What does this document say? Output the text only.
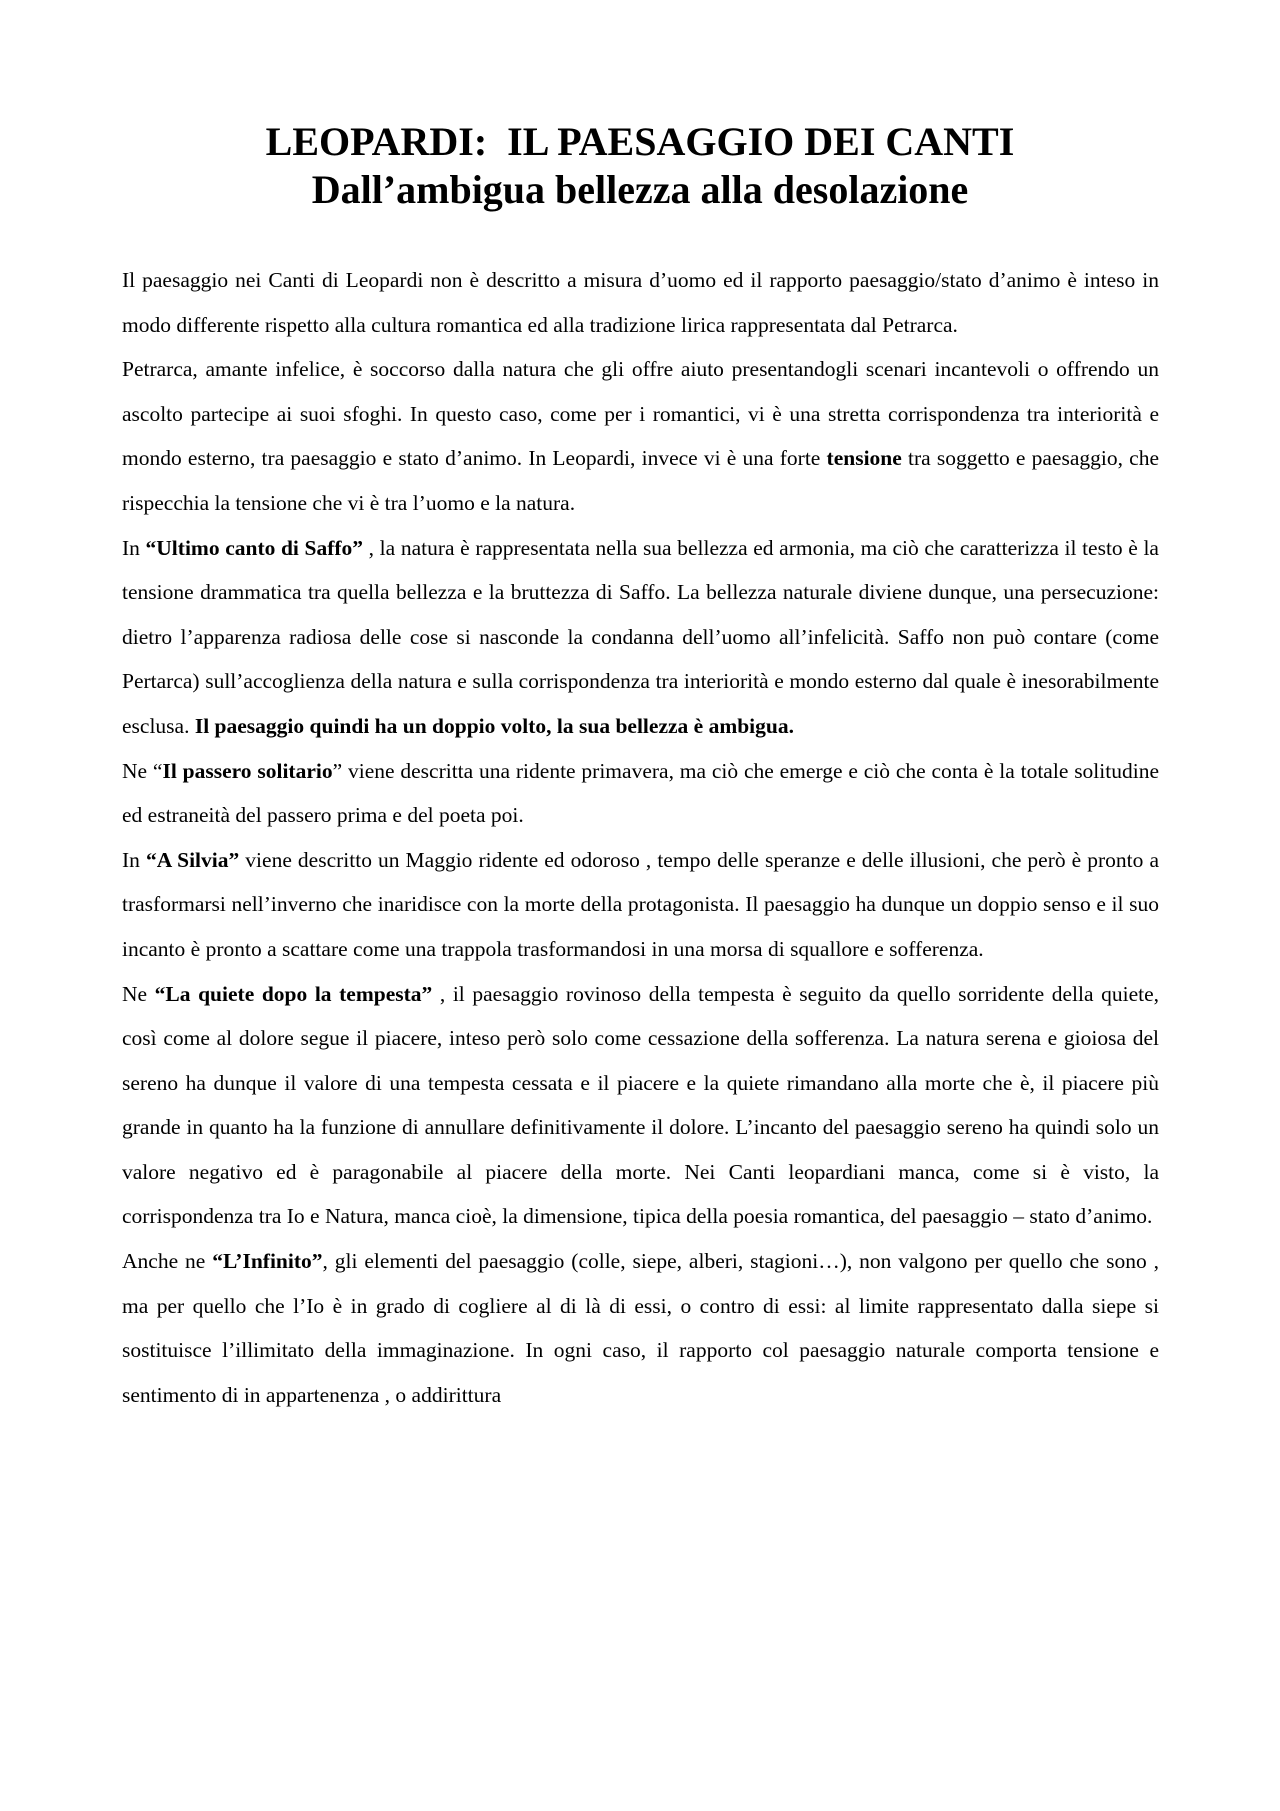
LEOPARDI:  IL PAESAGGIO DEI CANTI
Dall’ambigua bellezza alla desolazione

Il paesaggio nei Canti di Leopardi non è descritto a misura d’uomo ed il rapporto paesaggio/stato d’animo è inteso in modo differente rispetto alla cultura romantica ed alla tradizione lirica rappresentata dal Petrarca.

Petrarca, amante infelice, è soccorso dalla natura che gli offre aiuto presentandogli scenari incantevoli o offrendo un ascolto partecipe ai suoi sfoghi. In questo caso, come per i romantici, vi è una stretta corrispondenza tra interiorità e mondo esterno, tra paesaggio e stato d’animo. In Leopardi, invece vi è una forte tensione tra soggetto e paesaggio, che rispecchia la tensione che vi è tra l’uomo e la natura.

In “Ultimo canto di Saffo” , la natura è rappresentata nella sua bellezza ed armonia, ma ciò che caratterizza il testo è la tensione drammatica tra quella bellezza e la bruttezza di Saffo. La bellezza naturale diviene dunque, una persecuzione: dietro l’apparenza radiosa delle cose si nasconde la condanna dell’uomo all’infelicità. Saffo non può contare (come Pertarca) sull’accoglienza della natura e sulla corrispondenza tra interiorità e mondo esterno dal quale è inesorabilmente esclusa. Il paesaggio quindi ha un doppio volto, la sua bellezza è ambigua.

Ne “Il passero solitario” viene descritta una ridente primavera, ma ciò che emerge e ciò che conta è la totale solitudine ed estraneità del passero prima e del poeta poi.

In “A Silvia” viene descritto un Maggio ridente ed odoroso , tempo delle speranze e delle illusioni, che però è pronto a trasformarsi nell’inverno che inaridisce con la morte della protagonista. Il paesaggio ha dunque un doppio senso e il suo incanto è pronto a scattare come una trappola trasformandosi in una morsa di squallore e sofferenza.

Ne “La quiete dopo la tempesta” , il paesaggio rovinoso della tempesta è seguito da quello sorridente della quiete, così come al dolore segue il piacere, inteso però solo come cessazione della sofferenza. La natura serena e gioiosa del sereno ha dunque il valore di una tempesta cessata e il piacere e la quiete rimandano alla morte che è, il piacere più grande in quanto ha la funzione di annullare definitivamente il dolore. L’incanto del paesaggio sereno ha quindi solo un valore negativo ed è paragonabile al piacere della morte. Nei Canti leopardiani manca, come si è visto, la corrispondenza tra Io e Natura, manca cioè, la dimensione, tipica della poesia romantica, del paesaggio – stato d’animo.

Anche ne “L’Infinito”, gli elementi del paesaggio (colle, siepe, alberi, stagioni…), non valgono per quello che sono , ma per quello che l’Io è in grado di cogliere al di là di essi, o contro di essi: al limite rappresentato dalla siepe si sostituisce l’illimitato della immaginazione. In ogni caso, il rapporto col paesaggio naturale comporta tensione e sentimento di in appartenenza , o addirittura
